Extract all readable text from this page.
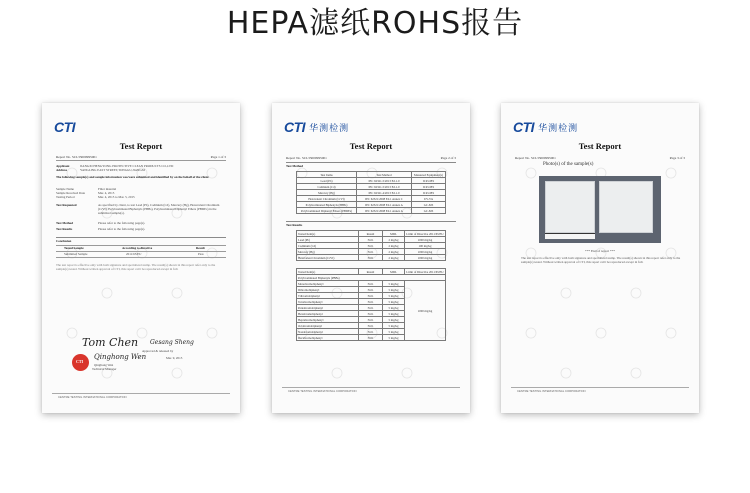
HEPA滤纸ROHS报告
CTI
Test Report
Report No. SCL35000995001	Page 1 of 3
Applicant	JIANGXI HENGYONG PROTECTIVE CLEAN PRODUCTS CO.,LTD
Address	YANGLING EAST STREET,TONGGU,JIANGXI
The following sample(s) and sample information was/were submitted and identified by on the behalf of the client
Sample Name	Filter material
Sample Received Date	Mar. 4, 2015
Testing Period	Mar. 4, 2015 to Mar. 5, 2015
Test Requested	As specified by client, to test Lead (Pb), Cadmium (Cd), Mercury (Hg), Hexavalent Chromium (CrVI), Polybrominated Biphenyls (PBBs), Polybrominated Diphenyl Ethers (PBDEs) in the submitted sample(s).
Test Method	Please refer to the following page(s).
Test Results	Please refer to the following page(s).
Conclusion
Tested Sample	According to directive	Result
Submitted Sample	2011/65/EU	Pass
The test report is effective only with both signature and specialized stamp. The result(s) shown in this report refer only to the sample(s) tested. Without written approval of CTI, this report can't be reproduced except in full.
Tom Chen Gesang Sheng
Approved & released by
CTI
Qinghong Wen	Mar. 9, 2015
Qinghong Wen
Technical Manager
CENTRE TESTING INTERNATIONAL CORPORATION
CTI 华测检测
Test Report
Report No. SCL35000995001	Page 2 of 3
Test Method
Test Items	Test Method	Measured Equipment(s)
Lead (Pb)	IEC 62321-5:2013 Ed.1.0	ICP-OES
Cadmium (Cd)	IEC 62321-5:2013 Ed.1.0	ICP-OES
Mercury (Hg)	IEC 62321-4:2013 Ed.1.0	ICP-OES
Hexavalent Chromium (CrVI)	IEC 62321:2008 Ed.1 Annex C	UV-Vis
Polybrominated Biphenyls (PBBs)	IEC 62321:2008 Ed.1 Annex A	GC-MS
Polybrominated Diphenyl Ethers (PBDEs)	IEC 62321:2008 Ed.1 Annex A	GC-MS
Test Results
Tested Item(s)	Result	MDL	Limit of Directive 2011/65/EU
Lead (Pb)	N.D.	2 mg/kg	1000 mg/kg
Cadmium (Cd)	N.D.	2 mg/kg	100 mg/kg
Mercury (Hg)	N.D.	2 mg/kg	1000 mg/kg
Hexavalent Chromium (CrVI)	N.D.	2 mg/kg	1000 mg/kg
Tested Item(s)	Result	MDL	Limit of Directive 2011/65/EU
Polybrominated Biphenyls (PBBs)			
Monobromobiphenyl	N.D.	5 mg/kg	1000 mg/kg
Dibromobiphenyl	N.D.	5 mg/kg	
Tribromobiphenyl	N.D.	5 mg/kg	
Tetrabromobiphenyl	N.D.	5 mg/kg	
Pentabromobiphenyl	N.D.	5 mg/kg	
Hexabromobiphenyl	N.D.	5 mg/kg	
Heptabromobiphenyl	N.D.	5 mg/kg	
Octabromobiphenyl	N.D.	5 mg/kg	
Nonabromobiphenyl	N.D.	5 mg/kg	
Decabromobiphenyl	N.D.	5 mg/kg	
CENTRE TESTING INTERNATIONAL CORPORATION
CTI 华测检测
Test Report
Report No. SCL35000995001	Page 3 of 3
Photo(s) of the sample(s)
*** End of report ***
The test report is effective only with both signature and specialized stamp. The result(s) shown in this report refer only to the sample(s) tested. Without written approval of CTI, this report can't be reproduced except in full.
CENTRE TESTING INTERNATIONAL CORPORATION
